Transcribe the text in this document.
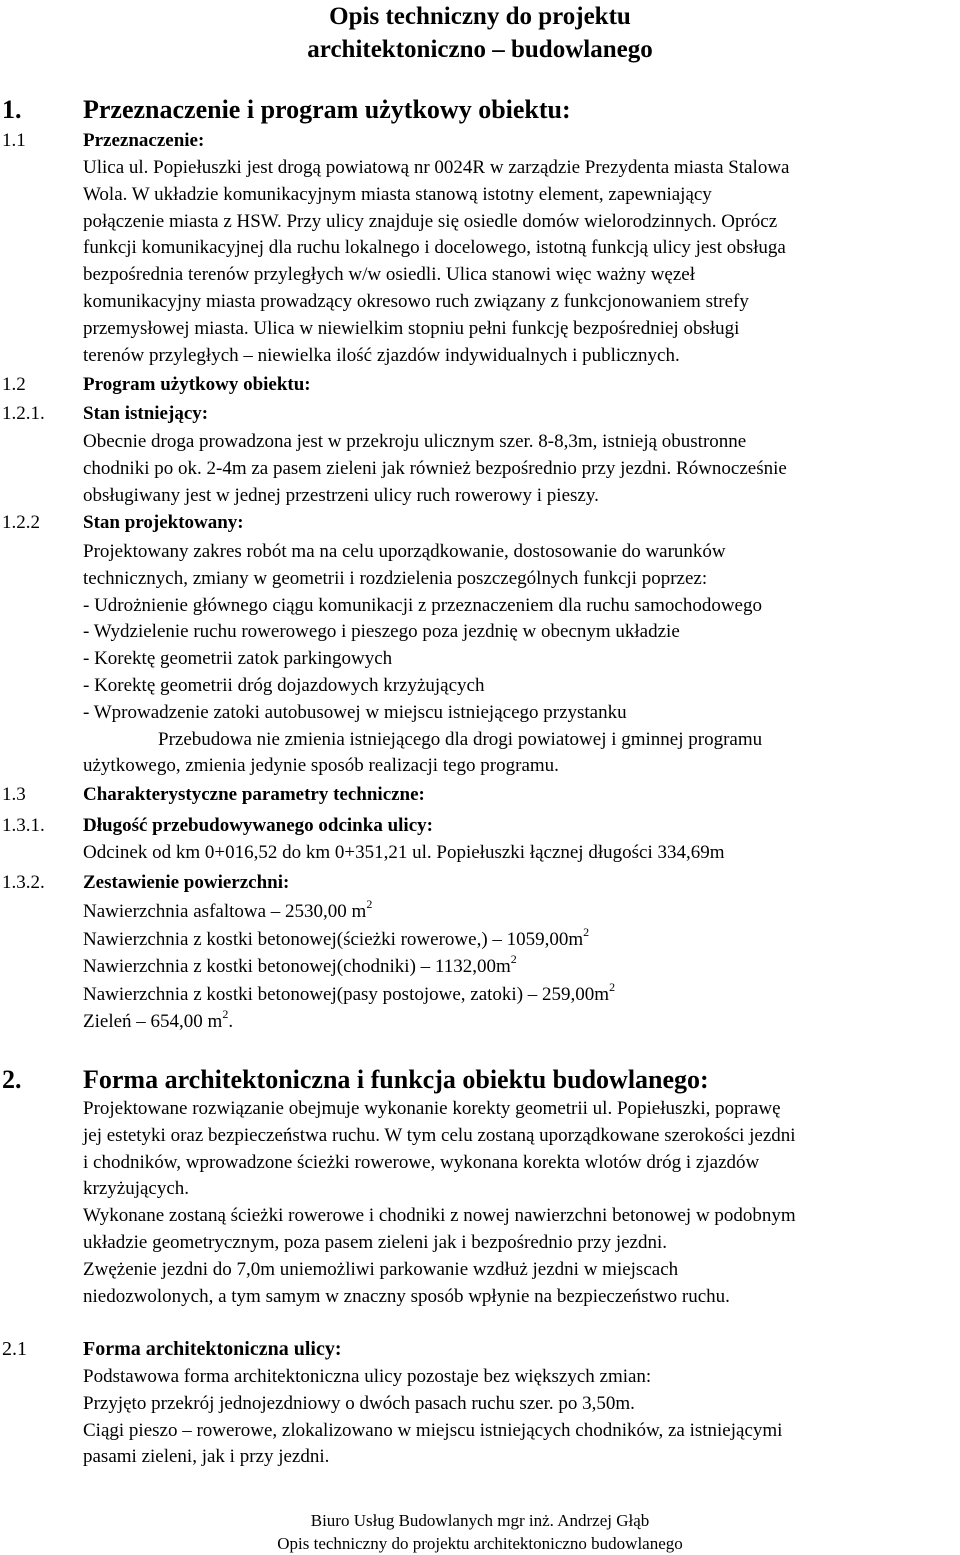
Opis techniczny do projektu
architektoniczno – budowlanego
1. Przeznaczenie i program użytkowy obiektu:
1.1	Przeznaczenie:
Ulica ul. Popiełuszki jest drogą powiatową nr 0024R w zarządzie Prezydenta miasta Stalowa
Wola. W układzie komunikacyjnym miasta stanową istotny element, zapewniający
połączenie miasta z HSW. Przy ulicy znajduje się osiedle domów wielorodzinnych. Oprócz
funkcji komunikacyjnej dla ruchu lokalnego i docelowego, istotną funkcją ulicy jest obsługa
bezpośrednia terenów przyległych w/w osiedli. Ulica stanowi więc ważny węzeł
komunikacyjny miasta prowadzący okresowo ruch związany z funkcjonowaniem strefy
przemysłowej miasta. Ulica w niewielkim stopniu pełni funkcję bezpośredniej obsługi
terenów przyległych – niewielka ilość zjazdów indywidualnych i publicznych.
1.2	Program użytkowy obiektu:
1.2.1. Stan istniejący:
Obecnie droga prowadzona jest w przekroju ulicznym szer. 8-8,3m, istnieją obustronne
chodniki po ok. 2-4m za pasem zieleni jak również bezpośrednio przy jezdni. Równocześnie
obsługiwany jest w jednej przestrzeni ulicy ruch rowerowy i pieszy.
1.2.2 Stan projektowany:
Projektowany zakres robót ma na celu uporządkowanie, dostosowanie do warunków
technicznych, zmiany w geometrii i rozdzielenia poszczególnych funkcji poprzez:
- Udrożnienie głównego ciągu komunikacji z przeznaczeniem dla ruchu samochodowego
- Wydzielenie ruchu rowerowego i pieszego poza jezdnię w obecnym układzie
- Korektę geometrii zatok parkingowych
- Korektę geometrii dróg dojazdowych krzyżujących
- Wprowadzenie zatoki autobusowej w miejscu istniejącego przystanku
Przebudowa nie zmienia istniejącego dla drogi powiatowej i gminnej programu
użytkowego, zmienia jedynie sposób realizacji tego programu.
1.3	Charakterystyczne parametry techniczne:
1.3.1. Długość przebudowywanego odcinka ulicy:
Odcinek od km 0+016,52 do km 0+351,21 ul. Popiełuszki łącznej długości 334,69m
1.3.2. Zestawienie powierzchni:
Nawierzchnia asfaltowa – 2530,00 $m^2$
Nawierzchnia z kostki betonowej(ścieżki rowerowe,) – $1059,00m^2$
Nawierzchnia z kostki betonowej(chodniki) – $1132,00m^2$
Nawierzchnia z kostki betonowej(pasy postojowe, zatoki) – $259,00m^2$
Zieleń – 654,00 $m^2$.
2. Forma architektoniczna i funkcja obiektu budowlanego:
Projektowane rozwiązanie obejmuje wykonanie korekty geometrii ul. Popiełuszki, poprawę
jej estetyki oraz bezpieczeństwa ruchu. W tym celu zostaną uporządkowane szerokości jezdni
i chodników, wprowadzone ścieżki rowerowe, wykonana korekta wlotów dróg i zjazdów
krzyżujących.
Wykonane zostaną ścieżki rowerowe i chodniki z nowej nawierzchni betonowej w podobnym
układzie geometrycznym, poza pasem zieleni jak i bezpośrednio przy jezdni.
Zwężenie jezdni do 7,0m uniemożliwi parkowanie wzdłuż jezdni w miejscach
niedozwolonych, a tym samym w znaczny sposób wpłynie na bezpieczeństwo ruchu.
2.1	Forma architektoniczna ulicy:
Podstawowa forma architektoniczna ulicy pozostaje bez większych zmian:
Przyjęto przekrój jednojezdniowy o dwóch pasach ruchu szer. po 3,50m.
Ciągi pieszo – rowerowe, zlokalizowano w miejscu istniejących chodników, za istniejącymi
pasami zieleni, jak i przy jezdni.
Biuro Usług Budowlanych mgr inż. Andrzej Głąb
Opis techniczny do projektu architektoniczno budowlanego
